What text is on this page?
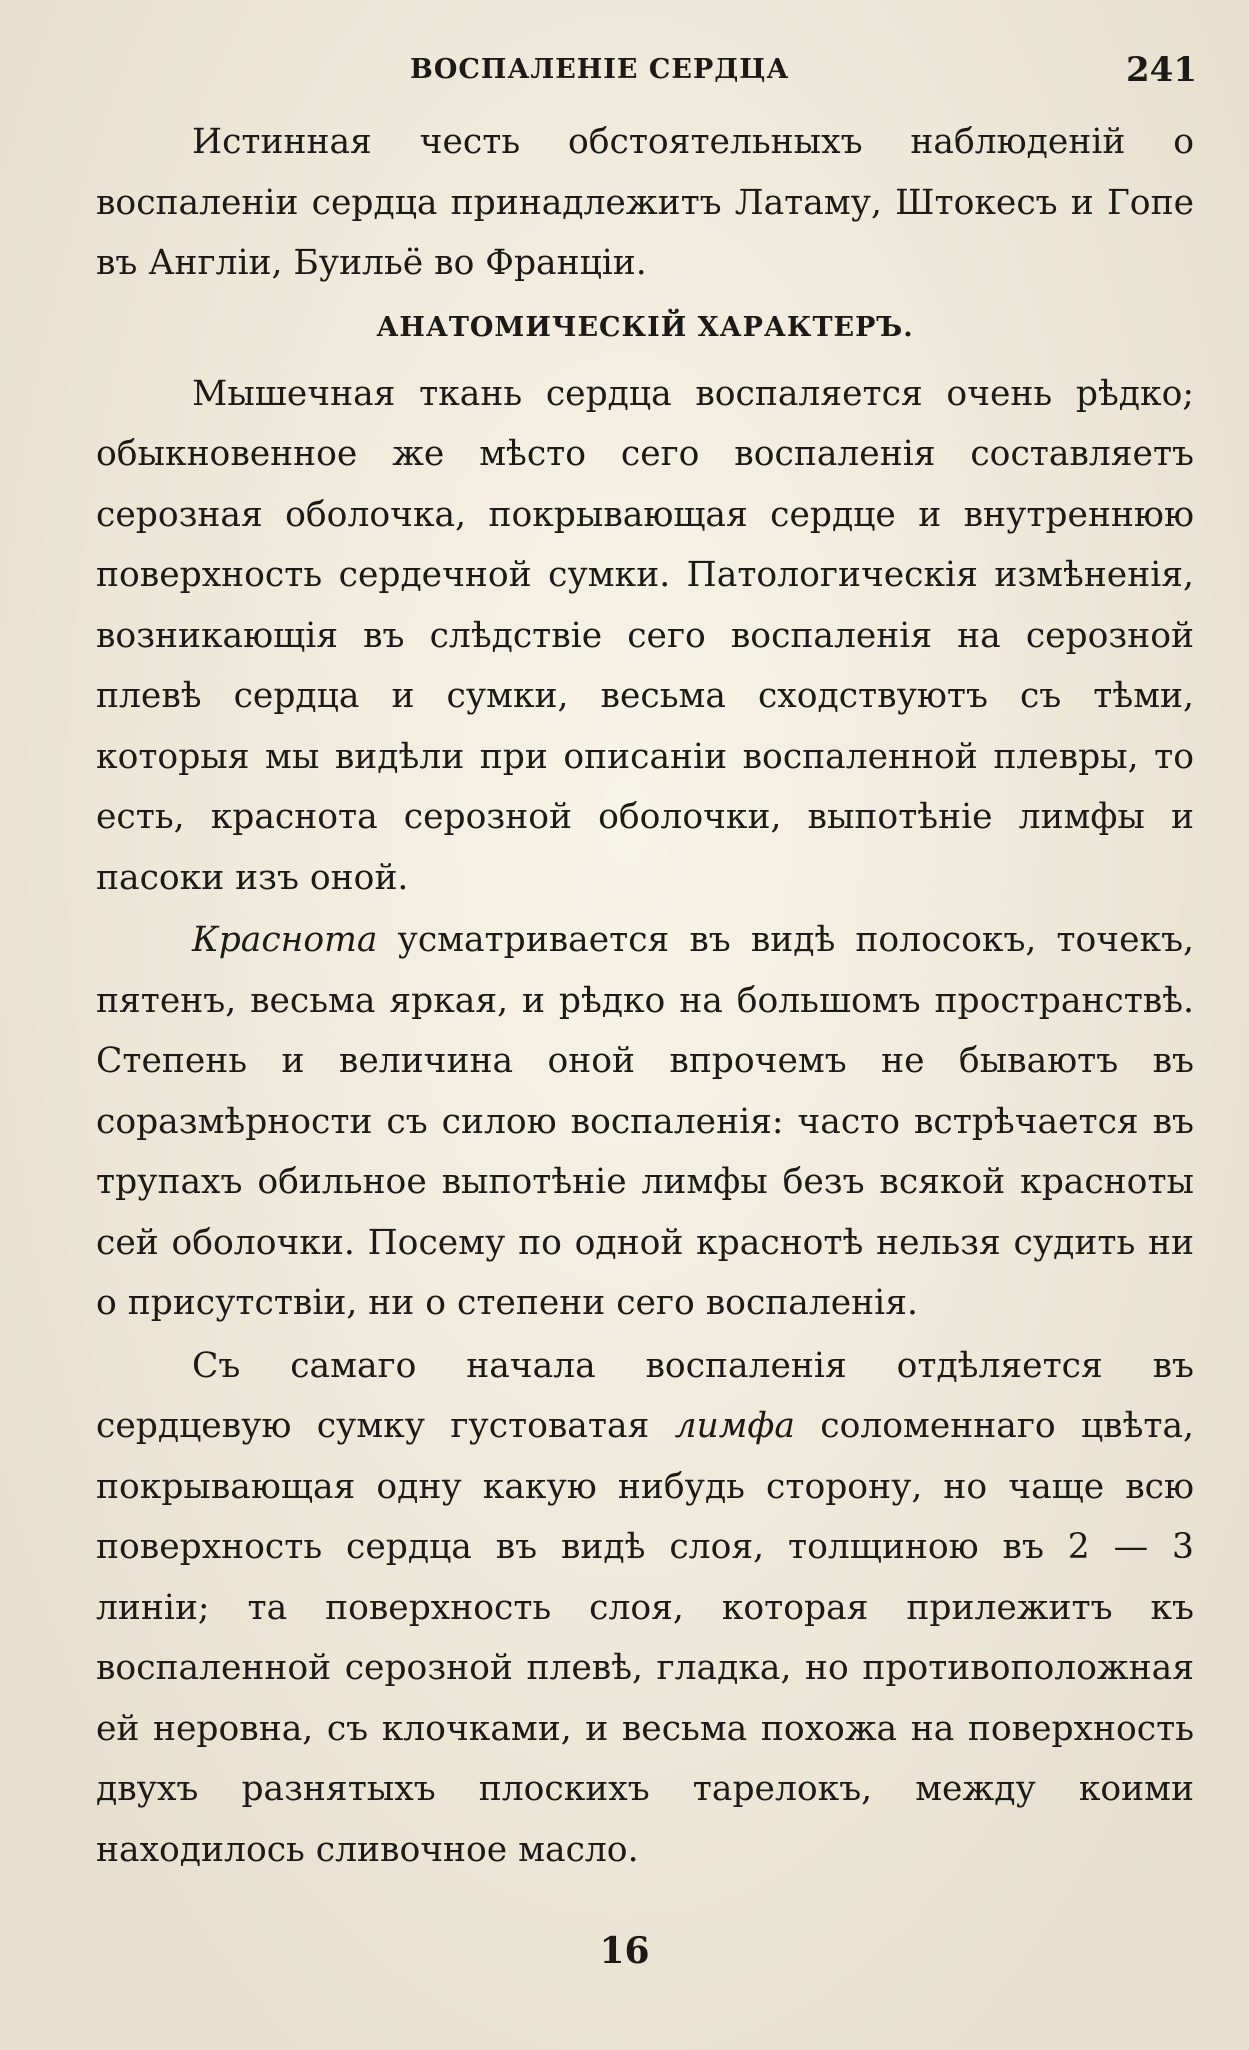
ВОСПАЛЕНІЕ СЕРДЦА	241

Истинная честь обстоятельныхъ наблюденій о воспаленіи сердца принадлежитъ Латаму, Штокесъ и Гопе въ Англіи, Буильё во Франціи.

АНАТОМИЧЕСКІЙ ХАРАКТЕРЪ.

Мышечная ткань сердца воспаляется очень рѣдко; обыкновенное же мѣсто сего воспаленія составляетъ серозная оболочка, покрывающая сердце и внутреннюю поверхность сердечной сумки. Патологическія измѣненія, возникающія въ слѣдствіе сего воспаленія на серозной плевѣ сердца и сумки, весьма сходствуютъ съ тѣми, которыя мы видѣли при описаніи воспаленной плевры, то есть, краснота серозной оболочки, выпотѣніе лимфы и пасоки изъ оной.

Краснота усматривается въ видѣ полосокъ, точекъ, пятенъ, весьма яркая, и рѣдко на большомъ пространствѣ. Степень и величина оной впрочемъ не бываютъ въ соразмѣрности съ силою воспаленія: часто встрѣчается въ трупахъ обильное выпотѣніе лимфы безъ всякой красноты сей оболочки. Посему по одной краснотѣ нельзя судить ни о присутствіи, ни о степени сего воспаленія.

Съ самаго начала воспаленія отдѣляется въ сердцевую сумку густоватая лимфа соломеннаго цвѣта, покрывающая одну какую нибудь сторону, но чаще всю поверхность сердца въ видѣ слоя, толщиною въ 2 — 3 линіи; та поверхность слоя, которая прилежитъ къ воспаленной серозной плевѣ, гладка, но противоположная ей неровна, съ клочками, и весьма похожа на поверхность двухъ разнятыхъ плоскихъ тарелокъ, между коими находилось сливочное масло.

16
